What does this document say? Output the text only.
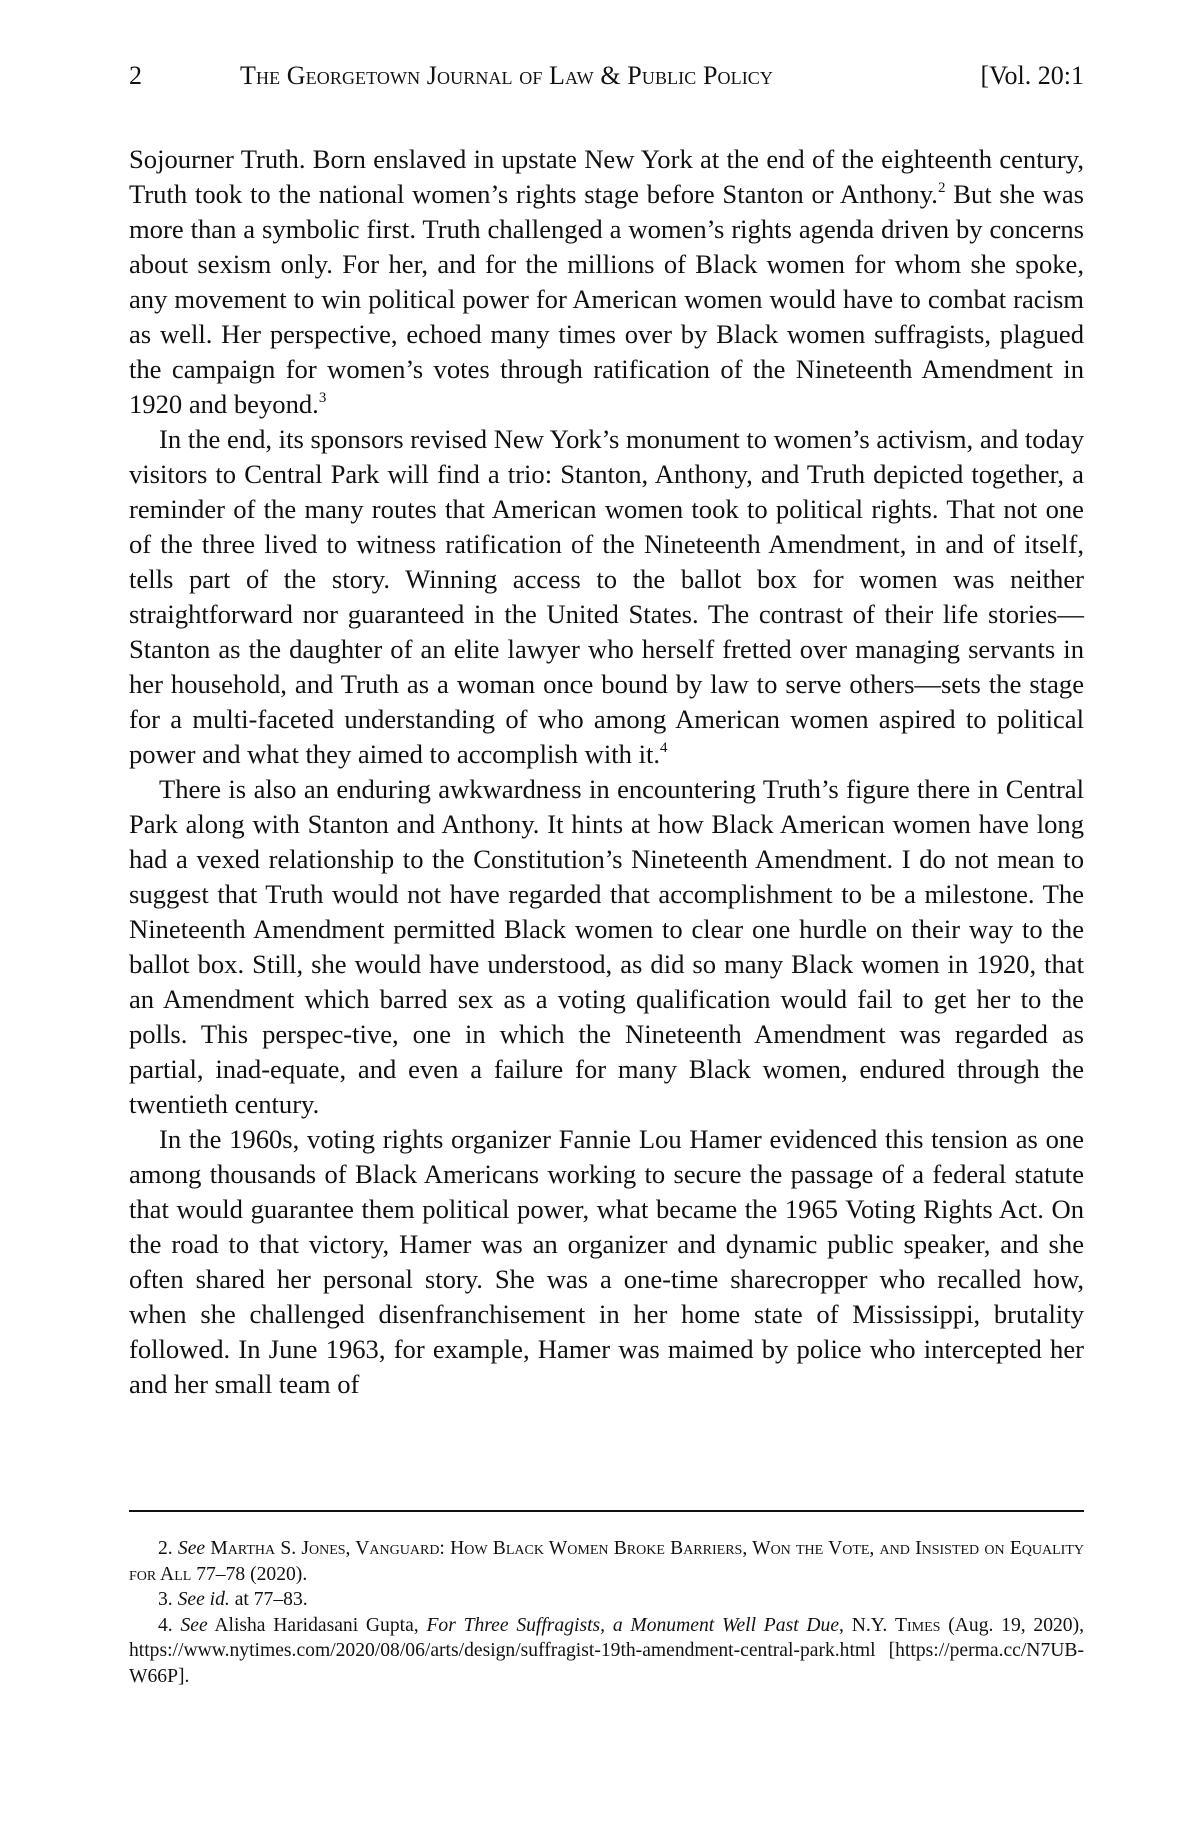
2	The Georgetown Journal of Law & Public Policy	[Vol. 20:1

Sojourner Truth. Born enslaved in upstate New York at the end of the eighteenth century, Truth took to the national women’s rights stage before Stanton or Anthony.$^2$ But she was more than a symbolic first. Truth challenged a women’s rights agenda driven by concerns about sexism only. For her, and for the millions of Black women for whom she spoke, any movement to win political power for American women would have to combat racism as well. Her perspective, echoed many times over by Black women suffragists, plagued the campaign for women’s votes through ratification of the Nineteenth Amendment in 1920 and beyond.$^3$

In the end, its sponsors revised New York’s monument to women’s activism, and today visitors to Central Park will find a trio: Stanton, Anthony, and Truth depicted together, a reminder of the many routes that American women took to political rights. That not one of the three lived to witness ratification of the Nineteenth Amendment, in and of itself, tells part of the story. Winning access to the ballot box for women was neither straightforward nor guaranteed in the United States. The contrast of their life stories—Stanton as the daughter of an elite lawyer who herself fretted over managing servants in her household, and Truth as a woman once bound by law to serve others—sets the stage for a multi-faceted understanding of who among American women aspired to political power and what they aimed to accomplish with it.$^4$

There is also an enduring awkwardness in encountering Truth’s figure there in Central Park along with Stanton and Anthony. It hints at how Black American women have long had a vexed relationship to the Constitution’s Nineteenth Amendment. I do not mean to suggest that Truth would not have regarded that accomplishment to be a milestone. The Nineteenth Amendment permitted Black women to clear one hurdle on their way to the ballot box. Still, she would have understood, as did so many Black women in 1920, that an Amendment which barred sex as a voting qualification would fail to get her to the polls. This perspec-tive, one in which the Nineteenth Amendment was regarded as partial, inad-equate, and even a failure for many Black women, endured through the twentieth century.

In the 1960s, voting rights organizer Fannie Lou Hamer evidenced this tension as one among thousands of Black Americans working to secure the passage of a federal statute that would guarantee them political power, what became the 1965 Voting Rights Act. On the road to that victory, Hamer was an organizer and dynamic public speaker, and she often shared her personal story. She was a one-time sharecropper who recalled how, when she challenged disenfranchisement in her home state of Mississippi, brutality followed. In June 1963, for example, Hamer was maimed by police who intercepted her and her small team of

2. See Martha S. Jones, Vanguard: How Black Women Broke Barriers, Won the Vote, and Insisted on Equality for All 77–78 (2020).

3. See id. at 77–83.

4. See Alisha Haridasani Gupta, For Three Suffragists, a Monument Well Past Due, N.Y. Times (Aug. 19, 2020), https://www.nytimes.com/2020/08/06/arts/design/suffragist-19th-amendment-central-park.html [https://perma.cc/N7UB-W66P].
